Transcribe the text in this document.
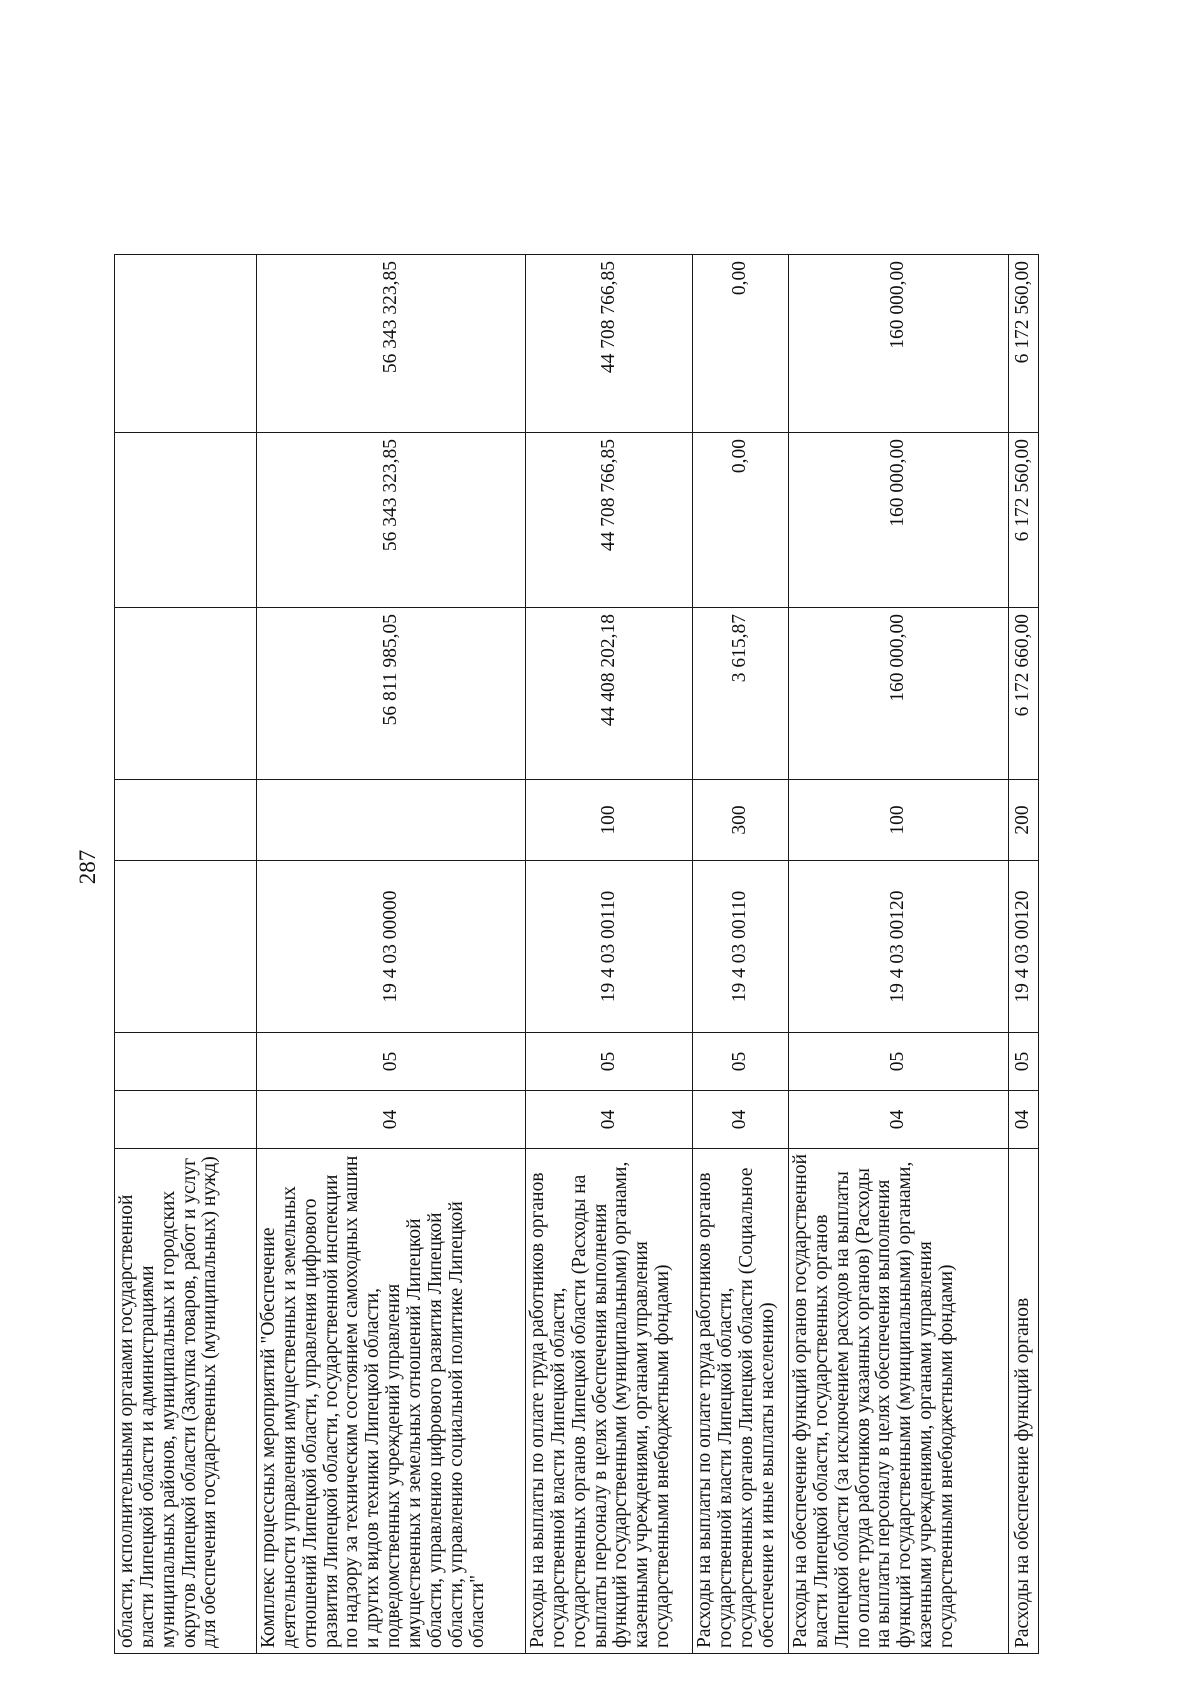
287
области, исполнительными органами государственной власти Липецкой области и администрациями муниципальных районов, муниципальных и городских округов Липецкой области (Закупка товаров, работ и услуг для обеспечения государственных (муниципальных) нужд)							
Комплекс процессных мероприятий "Обеспечение деятельности управления имущественных и земельных отношений Липецкой области, управления цифрового развития Липецкой области, государственной инспекции по надзору за техническим состоянием самоходных машин и других видов техники Липецкой области, подведомственных учреждений управления имущественных и земельных отношений Липецкой области, управлению цифрового развития Липецкой области, управлению социальной политике Липецкой области"	04	05	19 4 03 00000		56 811 985,05	56 343 323,85	56 343 323,85
Расходы на выплаты по оплате труда работников органов государственной власти Липецкой области, государственных органов Липецкой области (Расходы на выплаты персоналу в целях обеспечения выполнения функций государственными (муниципальными) органами, казенными учреждениями, органами управления государственными внебюджетными фондами)	04	05	19 4 03 00110	100	44 408 202,18	44 708 766,85	44 708 766,85
Расходы на выплаты по оплате труда работников органов государственной власти Липецкой области, государственных органов Липецкой области (Социальное обеспечение и иные выплаты населению)	04	05	19 4 03 00110	300	3 615,87	0,00	0,00
Расходы на обеспечение функций органов государственной власти Липецкой области, государственных органов Липецкой области (за исключением расходов на выплаты по оплате труда работников указанных органов) (Расходы на выплаты персоналу в целях обеспечения выполнения функций государственными (муниципальными) органами, казенными учреждениями, органами управления государственными внебюджетными фондами)	04	05	19 4 03 00120	100	160 000,00	160 000,00	160 000,00
Расходы на обеспечение функций органов	04	05	19 4 03 00120	200	6 172 660,00	6 172 560,00	6 172 560,00
